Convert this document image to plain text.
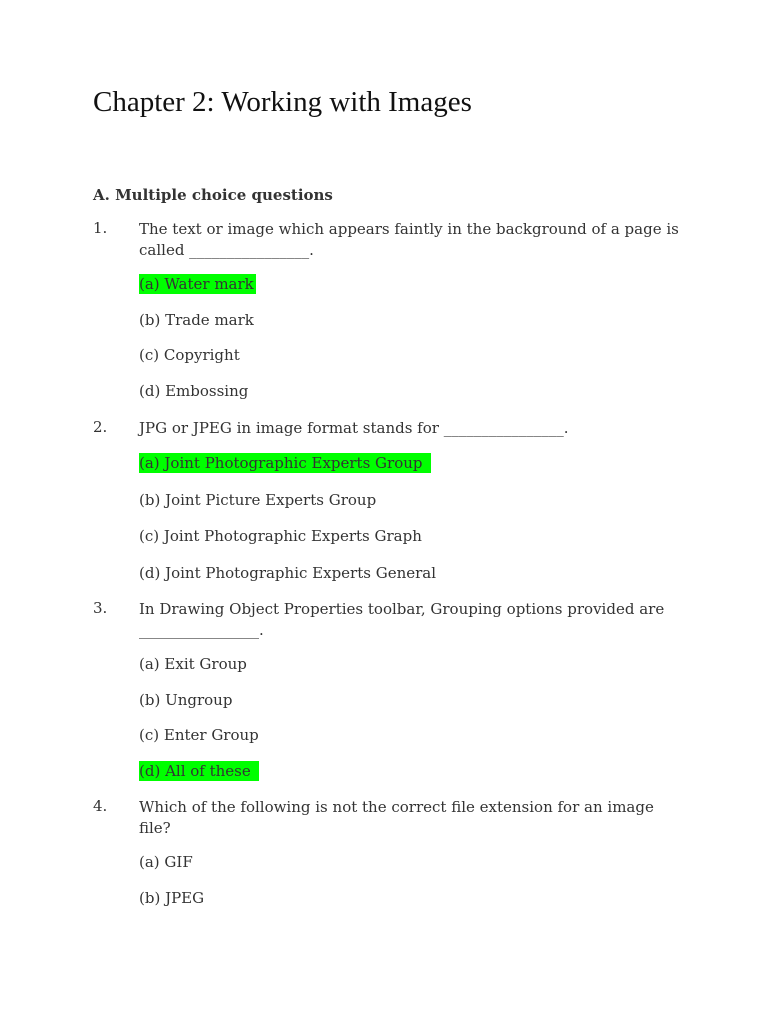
Chapter 2: Working with Images
A. Multiple choice questions
1. The text or image which appears faintly in the background of a page is called ________________.
(a) Water mark
(b) Trade mark
(c) Copyright
(d) Embossing
2. JPG or JPEG in image format stands for ________________.
(a) Joint Photographic Experts Group
(b) Joint Picture Experts Group
(c) Joint Photographic Experts Graph
(d) Joint Photographic Experts General
3. In Drawing Object Properties toolbar, Grouping options provided are ________________.
(a) Exit Group
(b) Ungroup
(c) Enter Group
(d) All of these
4. Which of the following is not the correct file extension for an image file?
(a) GIF
(b) JPEG
